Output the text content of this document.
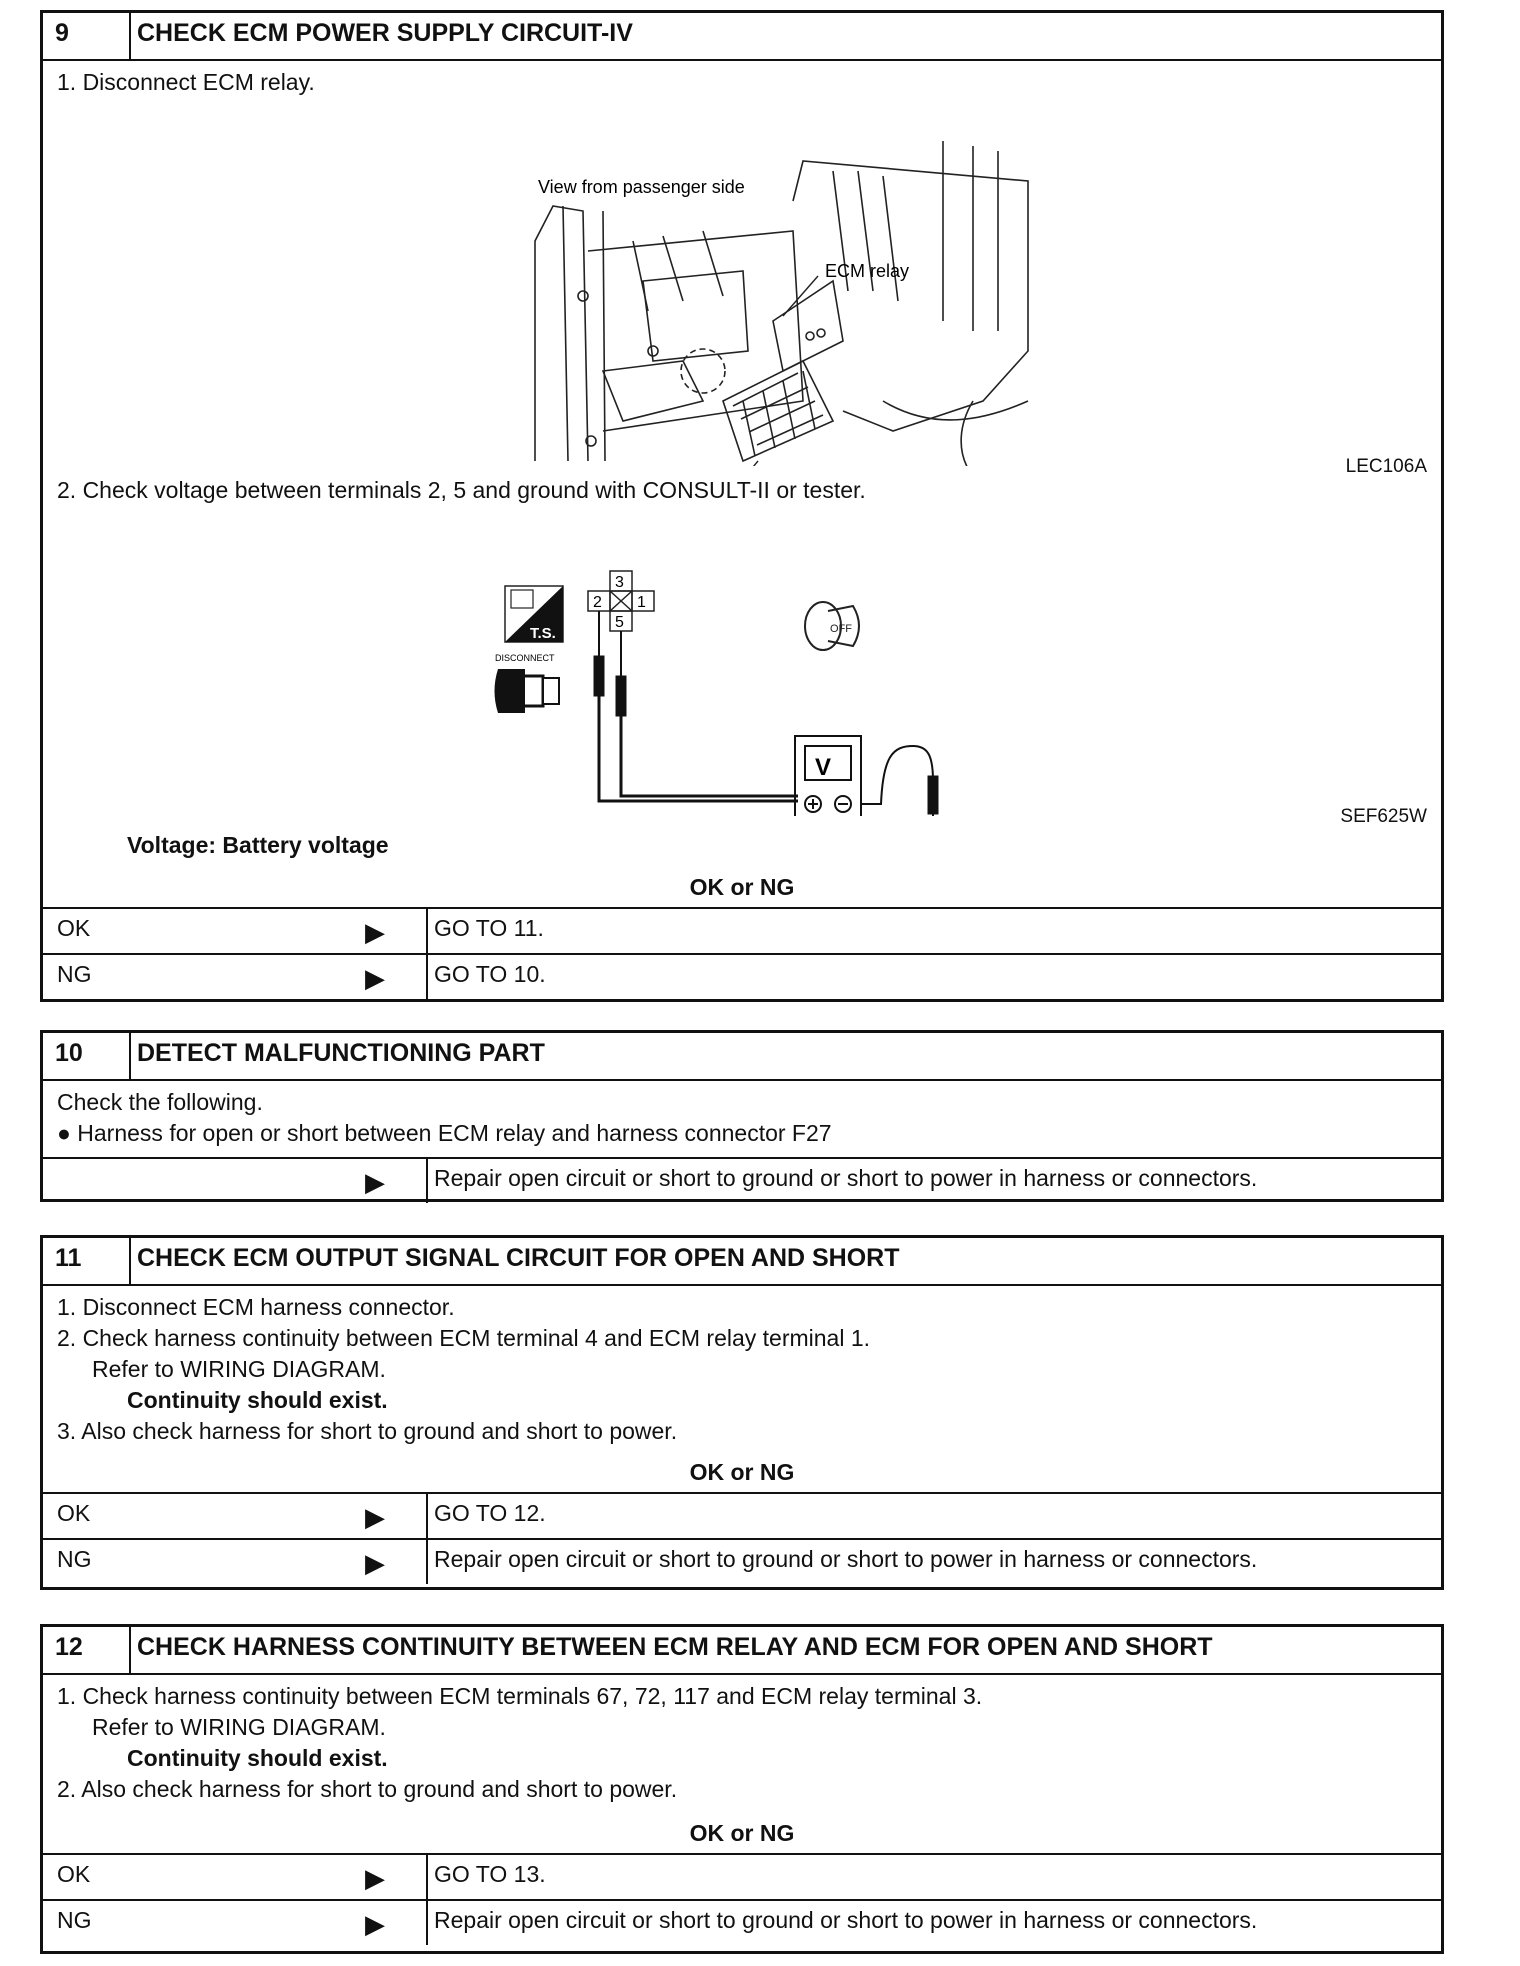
9	CHECK ECM POWER SUPPLY CIRCUIT-IV
1. Disconnect ECM relay.
View from passenger side
ECM relay
LEC106A
2. Check voltage between terminals 2, 5 and ground with CONSULT-II or tester.
T.S.
DISCONNECT
3
2 1
5	OFF
V
SEF625W
Voltage: Battery voltage
OK or NG
OK	▶ GO TO 11.
NG	▶ GO TO 10.
10	DETECT MALFUNCTIONING PART
Check the following.
● Harness for open or short between ECM relay and harness connector F27
▶ Repair open circuit or short to ground or short to power in harness or connectors.
11	CHECK ECM OUTPUT SIGNAL CIRCUIT FOR OPEN AND SHORT
1. Disconnect ECM harness connector.
2. Check harness continuity between ECM terminal 4 and ECM relay terminal 1.
Refer to WIRING DIAGRAM.
Continuity should exist.
3. Also check harness for short to ground and short to power.
OK or NG
OK	▶ GO TO 12.
NG	▶ Repair open circuit or short to ground or short to power in harness or connectors.
12	CHECK HARNESS CONTINUITY BETWEEN ECM RELAY AND ECM FOR OPEN AND SHORT
1. Check harness continuity between ECM terminals 67, 72, 117 and ECM relay terminal 3.
Refer to WIRING DIAGRAM.
Continuity should exist.
2. Also check harness for short to ground and short to power.
OK or NG
OK	▶ GO TO 13.
NG	▶ Repair open circuit or short to ground or short to power in harness or connectors.
